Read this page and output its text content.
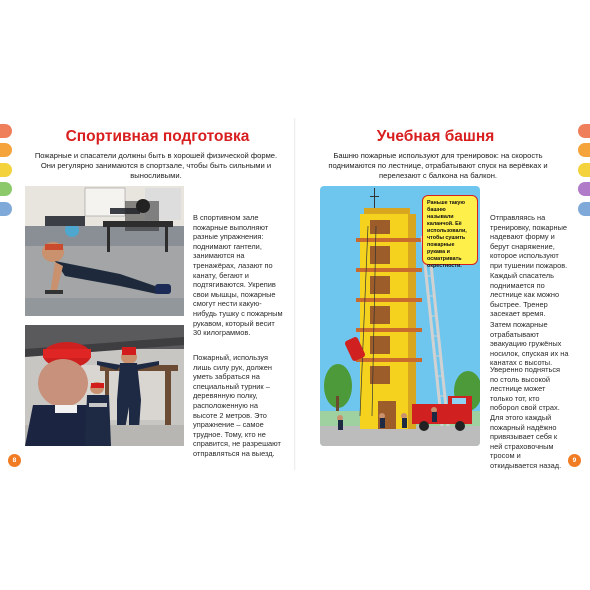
Спортивная подготовка
Пожарные и спасатели должны быть в хорошей физической форме. Они регулярно занимаются в спортзале, чтобы быть сильными и выносливыми.
В спортивном зале пожарные выполняют разные упражнения: поднимают гантели, занимаются на тренажёрах, лазают по канату, бегают и подтягиваются. Укрепив свои мышцы, пожарные смогут нести какую-нибудь тушку с пожарным рукавом, который весит 30 килограммов.
Пожарный, используя лишь силу рук, должен уметь забраться на специальный турник – деревянную полку, расположенную на высоте 2 метров. Это упражнение – самое трудное. Тому, кто не справится, не разрешают отправляться на выезд.
8
Учебная башня
Башню пожарные используют для тренировок: на скорость поднимаются по лестнице, отрабатывают спуск на верёвках и перелезают с балкона на балкон.
Раньше такую башню называли каланчой. Её использовали, чтобы сушить пожарные рукава и осматривать окрестности.
Отправляясь на тренировку, пожарные надевают форму и берут снаряжение, которое используют при тушении пожаров.
Каждый спасатель поднимается по лестнице как можно быстрее. Тренер засекает время.
Затем пожарные отрабатывают эвакуацию гружёных носилок, спуская их на канатах с высоты.
Уверенно подняться по столь высокой лестнице может только тот, кто поборол свой страх. Для этого каждый пожарный надёжно привязывает себя к ней страховочным тросом и откидывается назад.
9
